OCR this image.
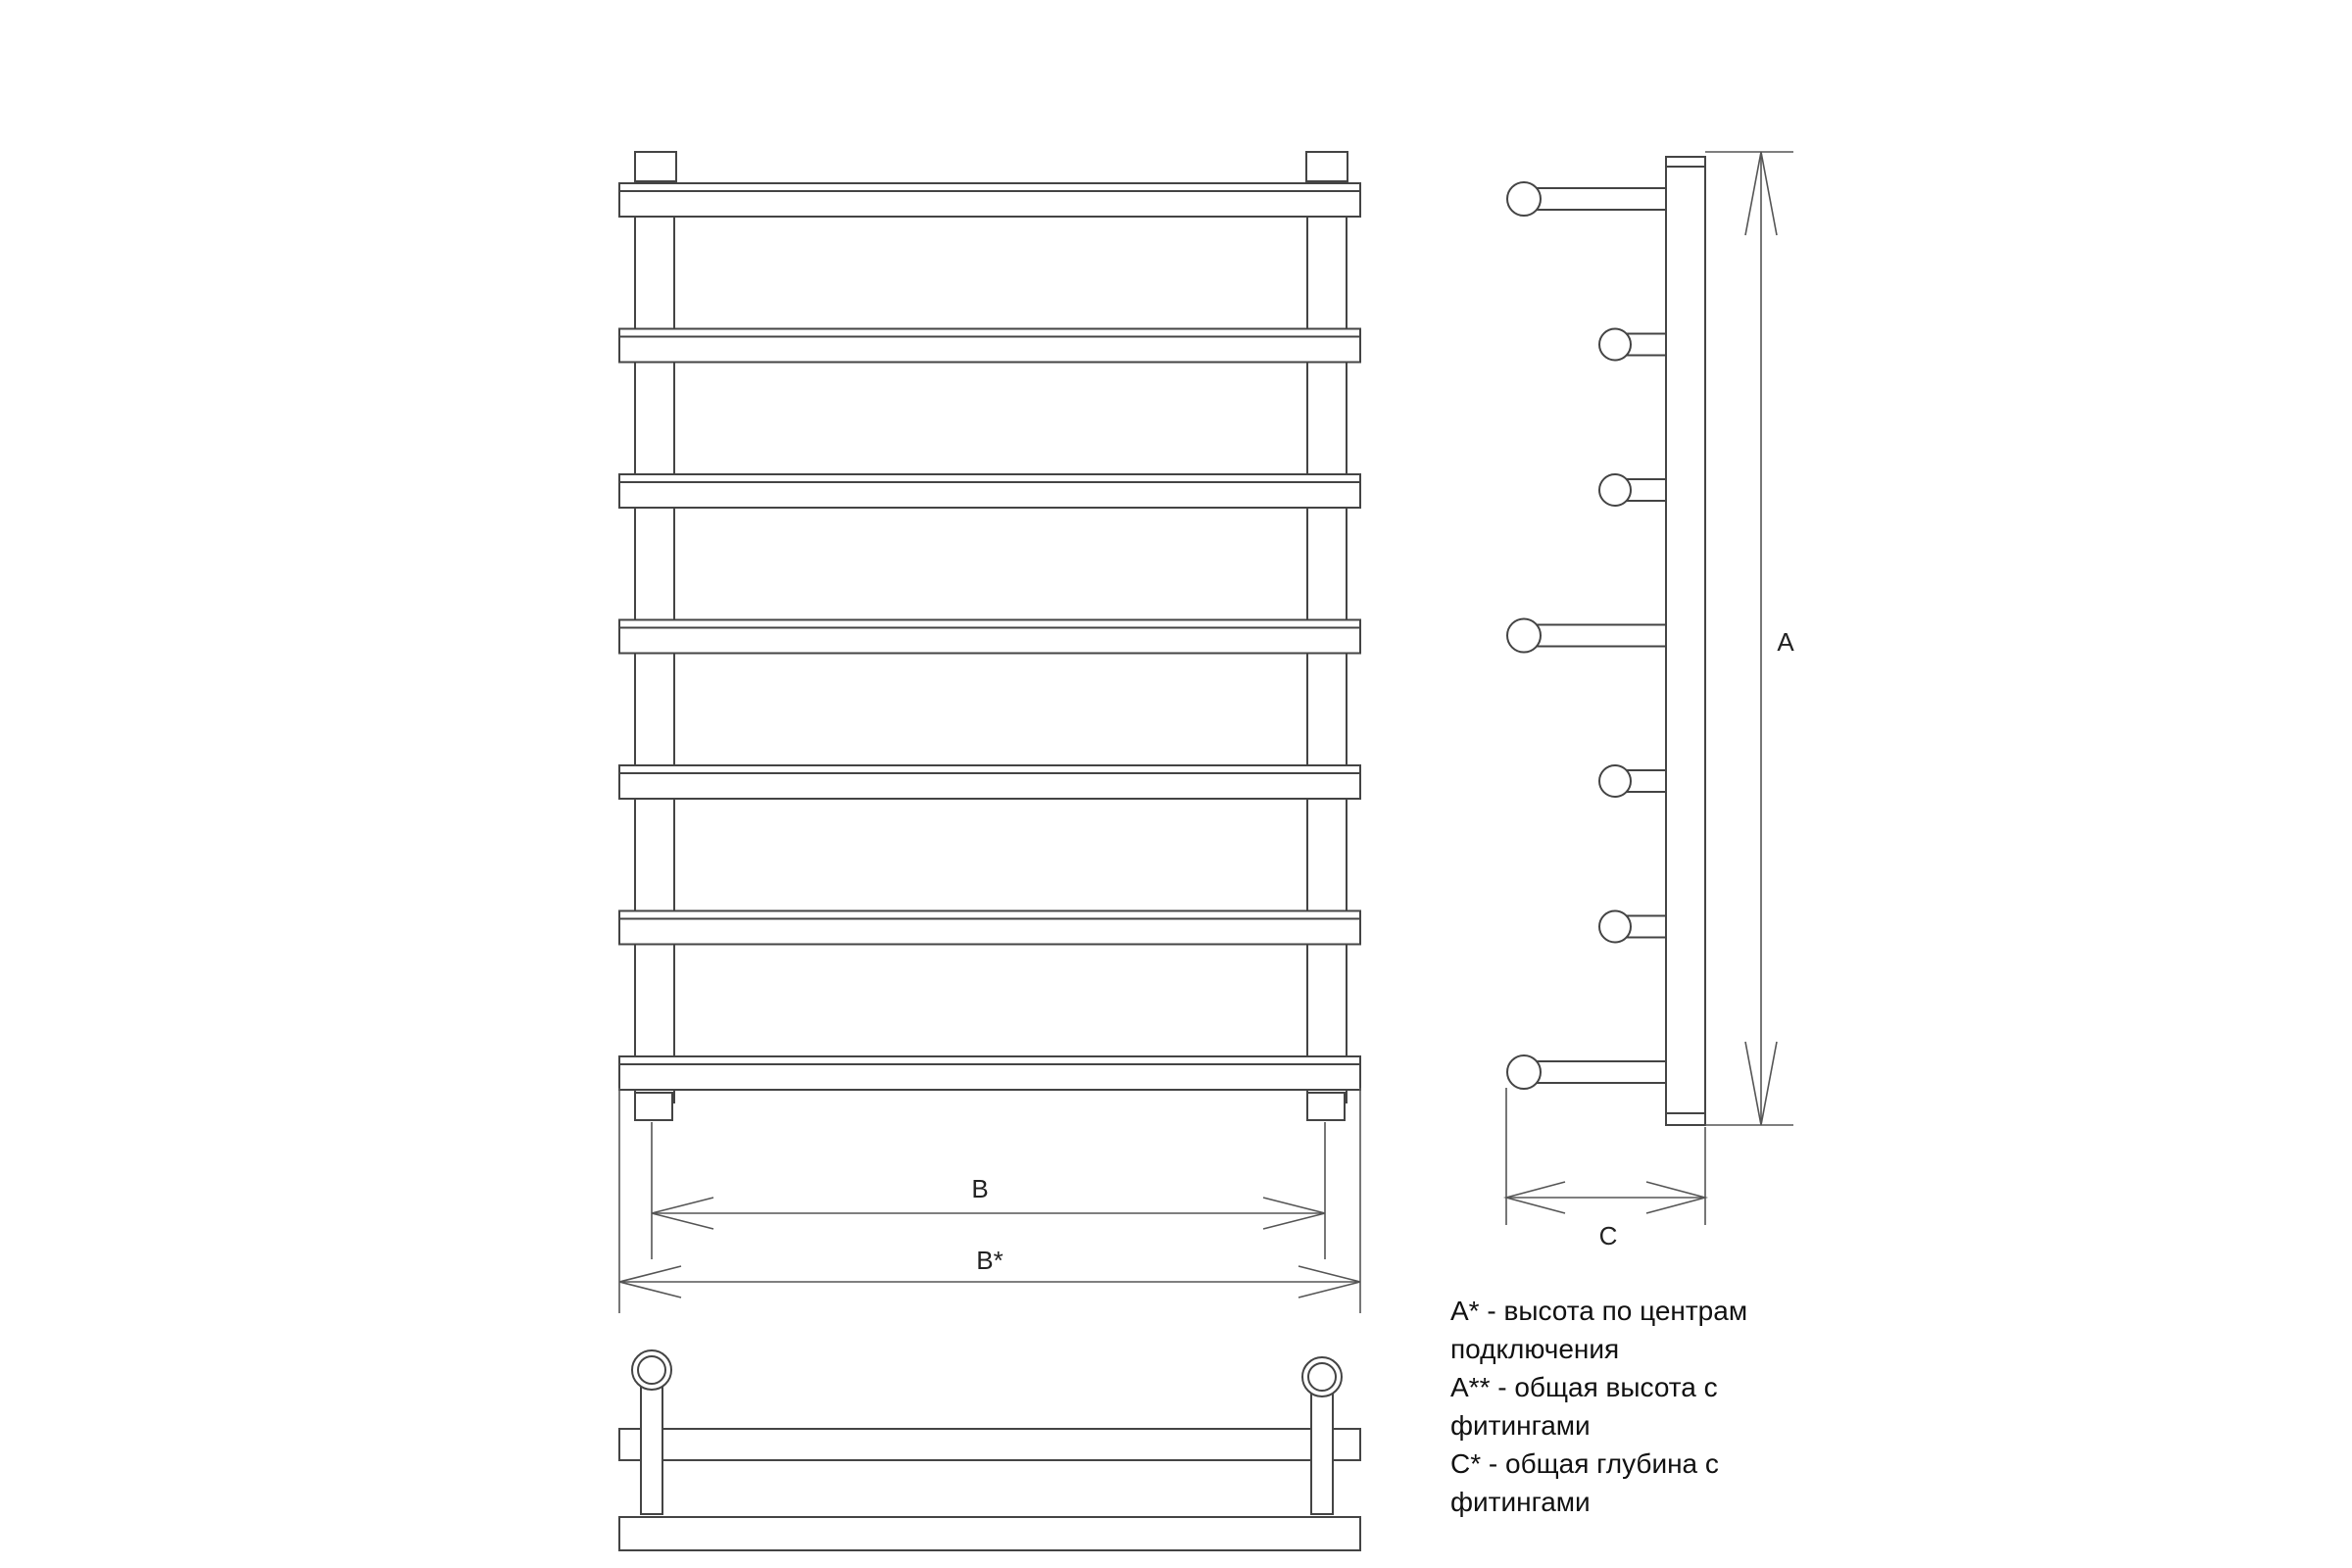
B
B*
A
C

A* - высота по центрам подключения

A** - общая высота с фитингами

C* - общая глубина с фитингами
